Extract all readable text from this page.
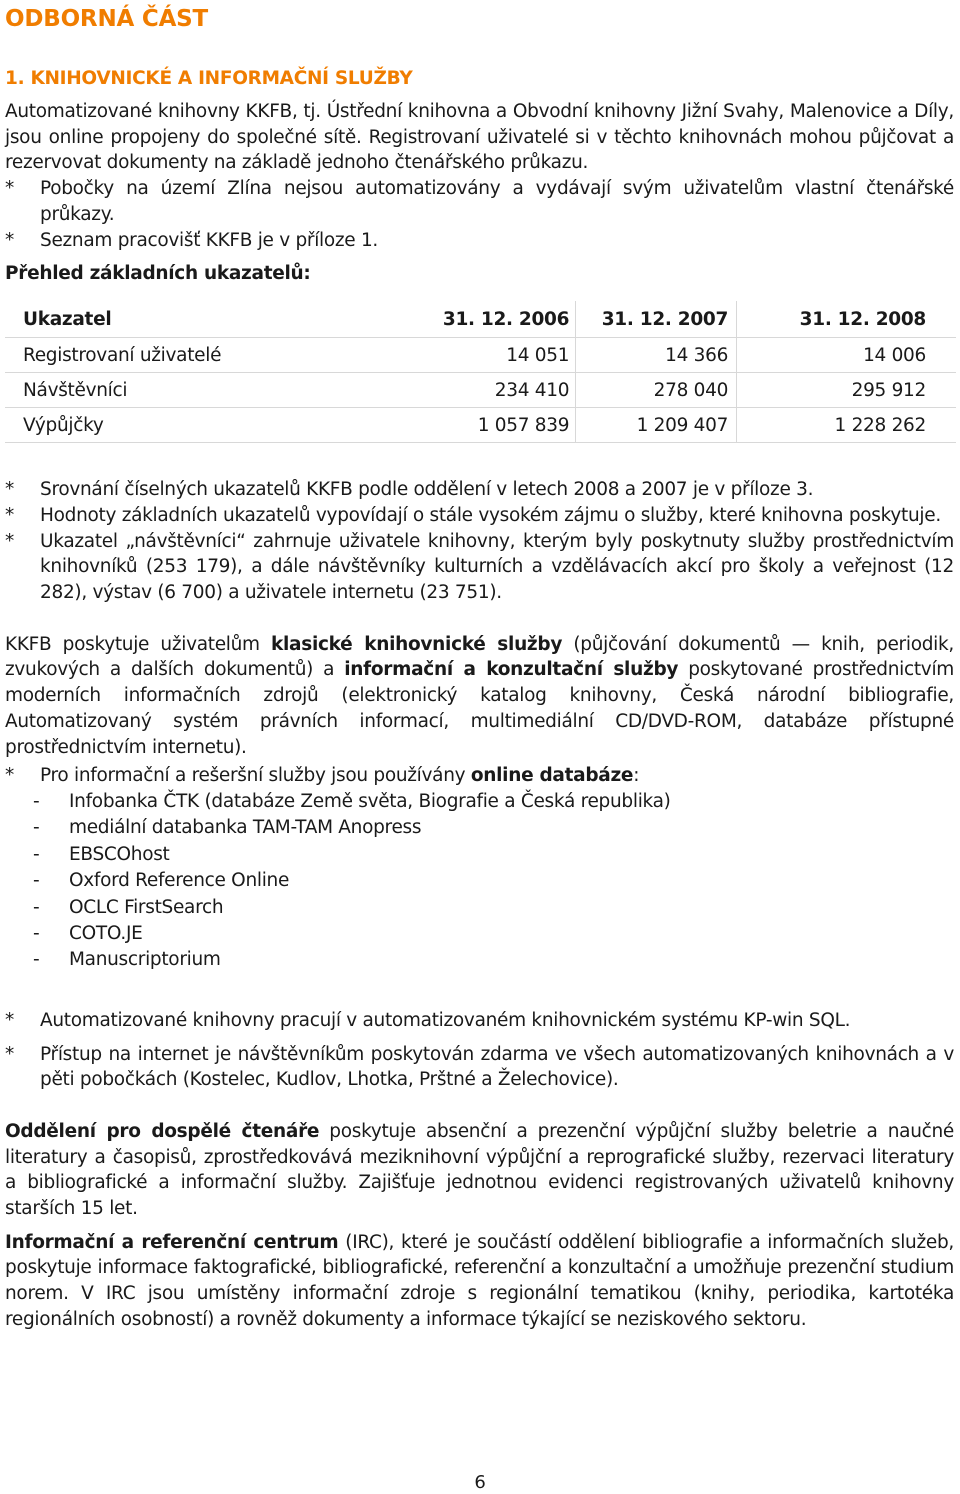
ODBORNÁ ČÁST
1. KNIHOVNICKÉ A INFORMAČNÍ SLUŽBY

Automatizované knihovny KKFB, tj. Ústřední knihovna a Obvodní knihovny Jižní Svahy, Malenovice a Díly, jsou online propojeny do společné sítě. Registrovaní uživatelé si v těchto knihovnách mohou půjčovat a rezervovat dokumenty na základě jednoho čtenářského průkazu.

*	Pobočky na území Zlína nejsou automatizovány a vydávají svým uživatelům vlastní čtenářské průkazy.
*	Seznam pracovišť KKFB je v příloze 1.
Přehled základních ukazatelů:
Ukazatel	31. 12. 2006	31. 12. 2007	31. 12. 2008
Registrovaní uživatelé	14 051	14 366	14 006
Návštěvníci	234 410	278 040	295 912
Výpůjčky	1 057 839	1 209 407	1 228 262
*	Srovnání číselných ukazatelů KKFB podle oddělení v letech 2008 a 2007 je v příloze 3.
*	Hodnoty základních ukazatelů vypovídají o stále vysokém zájmu o služby, které knihovna poskytuje.
*	Ukazatel „návštěvníci“ zahrnuje uživatele knihovny, kterým byly poskytnuty služby prostřednictvím knihovníků (253 179), a dále návštěvníky kulturních a vzdělávacích akcí pro školy a veřejnost (12 282), výstav (6 700) a uživatele internetu (23 751).

KKFB poskytuje uživatelům klasické knihovnické služby (půjčování dokumentů — knih, periodik, zvukových a dalších dokumentů) a informační a konzultační služby poskytované prostřednictvím moderních informačních zdrojů (elektronický katalog knihovny, Česká národní bibliografie, Automatizovaný systém právních informací, multimediální CD/DVD-ROM, databáze přístupné prostřednictvím internetu).

*	Pro informační a rešeršní služby jsou používány online databáze:
-	Infobanka ČTK (databáze Země světa, Biografie a Česká republika)
-	mediální databanka TAM-TAM Anopress
-	EBSCOhost
-	Oxford Reference Online
-	OCLC FirstSearch
-	COTO.JE
-	Manuscriptorium
*	Automatizované knihovny pracují v automatizovaném knihovnickém systému KP-win SQL.
*	Přístup na internet je návštěvníkům poskytován zdarma ve všech automatizovaných knihovnách a v pěti pobočkách (Kostelec, Kudlov, Lhotka, Prštné a Želechovice).

Oddělení pro dospělé čtenáře poskytuje absenční a prezenční výpůjční služby beletrie a naučné literatury a časopisů, zprostředkovává meziknihovní výpůjční a reprografické služby, rezervaci literatury a bibliografické a informační služby. Zajišťuje jednotnou evidenci registrovaných uživatelů knihovny starších 15 let.

Informační a referenční centrum (IRC), které je součástí oddělení bibliografie a informačních služeb, poskytuje informace faktografické, bibliografické, referenční a konzultační a umožňuje prezenční studium norem. V IRC jsou umístěny informační zdroje s regionální tematikou (knihy, periodika, kartotéka regionálních osobností) a rovněž dokumenty a informace týkající se neziskového sektoru.

6
